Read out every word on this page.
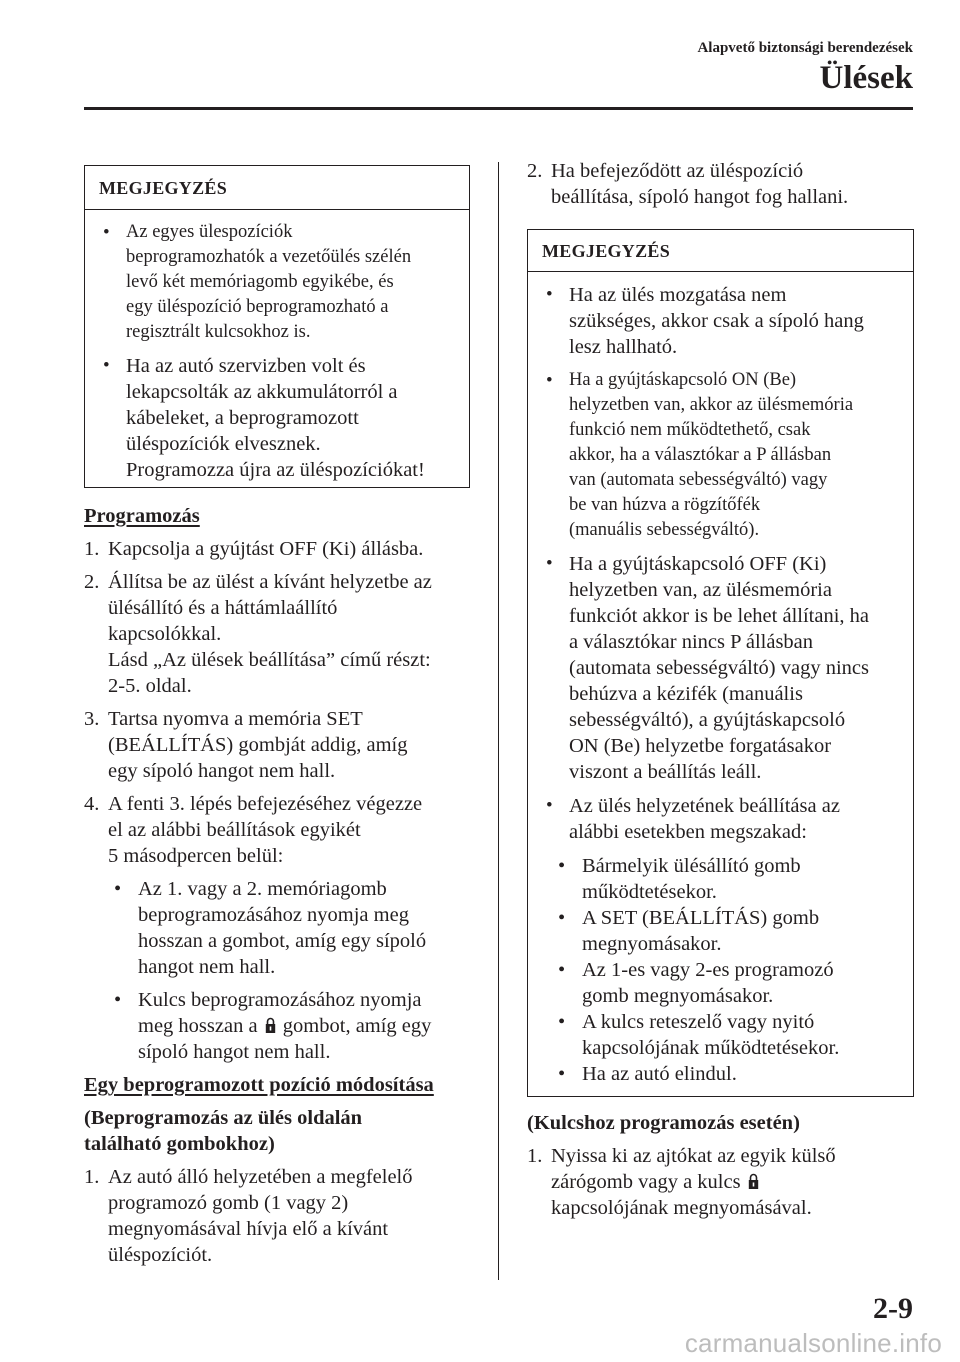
Alapvető biztonsági berendezések
Ülések
MEGJEGYZÉS
• Az egyes ülespozíciók
beprogramozhatók a vezetőülés szélén
levő két memóriagomb egyikébe, és
egy üléspozíció beprogramozható a
regisztrált kulcsokhoz is.
• Ha az autó szervizben volt és
lekapcsolták az akkumulátorról a
kábeleket, a beprogramozott
üléspozíciók elvesznek.
Programozza újra az üléspozíciókat!
Programozás
1. Kapcsolja a gyújtást OFF (Ki) állásba.
2. Állítsa be az ülést a kívánt helyzetbe az
ülésállító és a háttámlaállító
kapcsolókkal.
Lásd „Az ülések beállítása” című részt:
2-5. oldal.
3. Tartsa nyomva a memória SET
(BEÁLLÍTÁS) gombját addig, amíg
egy sípoló hangot nem hall.
4. A fenti 3. lépés befejezéséhez végezze
el az alábbi beállítások egyikét
5 másodpercen belül:
• Az 1. vagy a 2. memóriagomb
beprogramozásához nyomja meg
hosszan a gombot, amíg egy sípoló
hangot nem hall.
• Kulcs beprogramozásához nyomja
meg hosszan a gombot, amíg egy
sípoló hangot nem hall.
Egy beprogramozott pozíció módosítása
(Beprogramozás az ülés oldalán
található gombokhoz)
1. Az autó álló helyzetében a megfelelő
programozó gomb (1 vagy 2)
megnyomásával hívja elő a kívánt
üléspozíciót.
2. Ha befejeződött az üléspozíció
beállítása, sípoló hangot fog hallani.
MEGJEGYZÉS
• Ha az ülés mozgatása nem
szükséges, akkor csak a sípoló hang
lesz hallható.
• Ha a gyújtáskapcsoló ON (Be)
helyzetben van, akkor az ülésmemória
funkció nem működtethető, csak
akkor, ha a választókar a P állásban
van (automata sebességváltó) vagy
be van húzva a rögzítőfék
(manuális sebességváltó).
• Ha a gyújtáskapcsoló OFF (Ki)
helyzetben van, az ülésmemória
funkciót akkor is be lehet állítani, ha
a választókar nincs P állásban
(automata sebességváltó) vagy nincs
behúzva a kézifék (manuális
sebességváltó), a gyújtáskapcsoló
ON (Be) helyzetbe forgatásakor
viszont a beállítás leáll.
• Az ülés helyzetének beállítása az
alábbi esetekben megszakad:
• Bármelyik ülésállító gomb
működtetésekor.
• A SET (BEÁLLÍTÁS) gomb
megnyomásakor.
• Az 1-es vagy 2-es programozó
gomb megnyomásakor.
• A kulcs reteszelő vagy nyitó
kapcsolójának működtetésekor.
• Ha az autó elindul.
(Kulcshoz programozás esetén)
1. Nyissa ki az ajtókat az egyik külső
zárógomb vagy a kulcs
kapcsolójának megnyomásával.
2-9
carmanualsonline.info
